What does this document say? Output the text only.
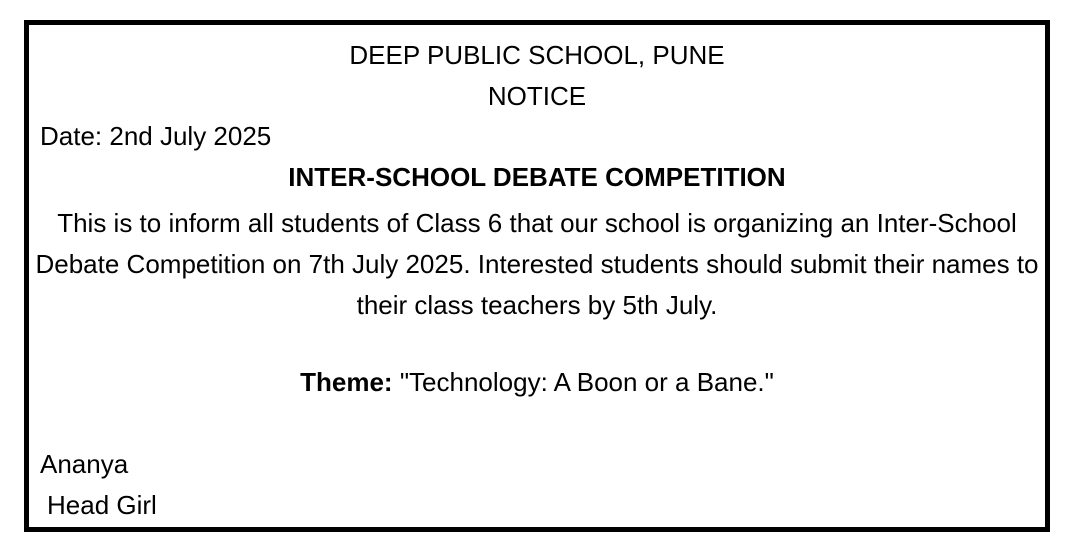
DEEP PUBLIC SCHOOL, PUNE
NOTICE
Date: 2nd July 2025
INTER-SCHOOL DEBATE COMPETITION
This is to inform all students of Class 6 that our school is organizing an Inter-School Debate Competition on 7th July 2025. Interested students should submit their names to their class teachers by 5th July.
Theme: "Technology: A Boon or a Bane."
Ananya
Head Girl
